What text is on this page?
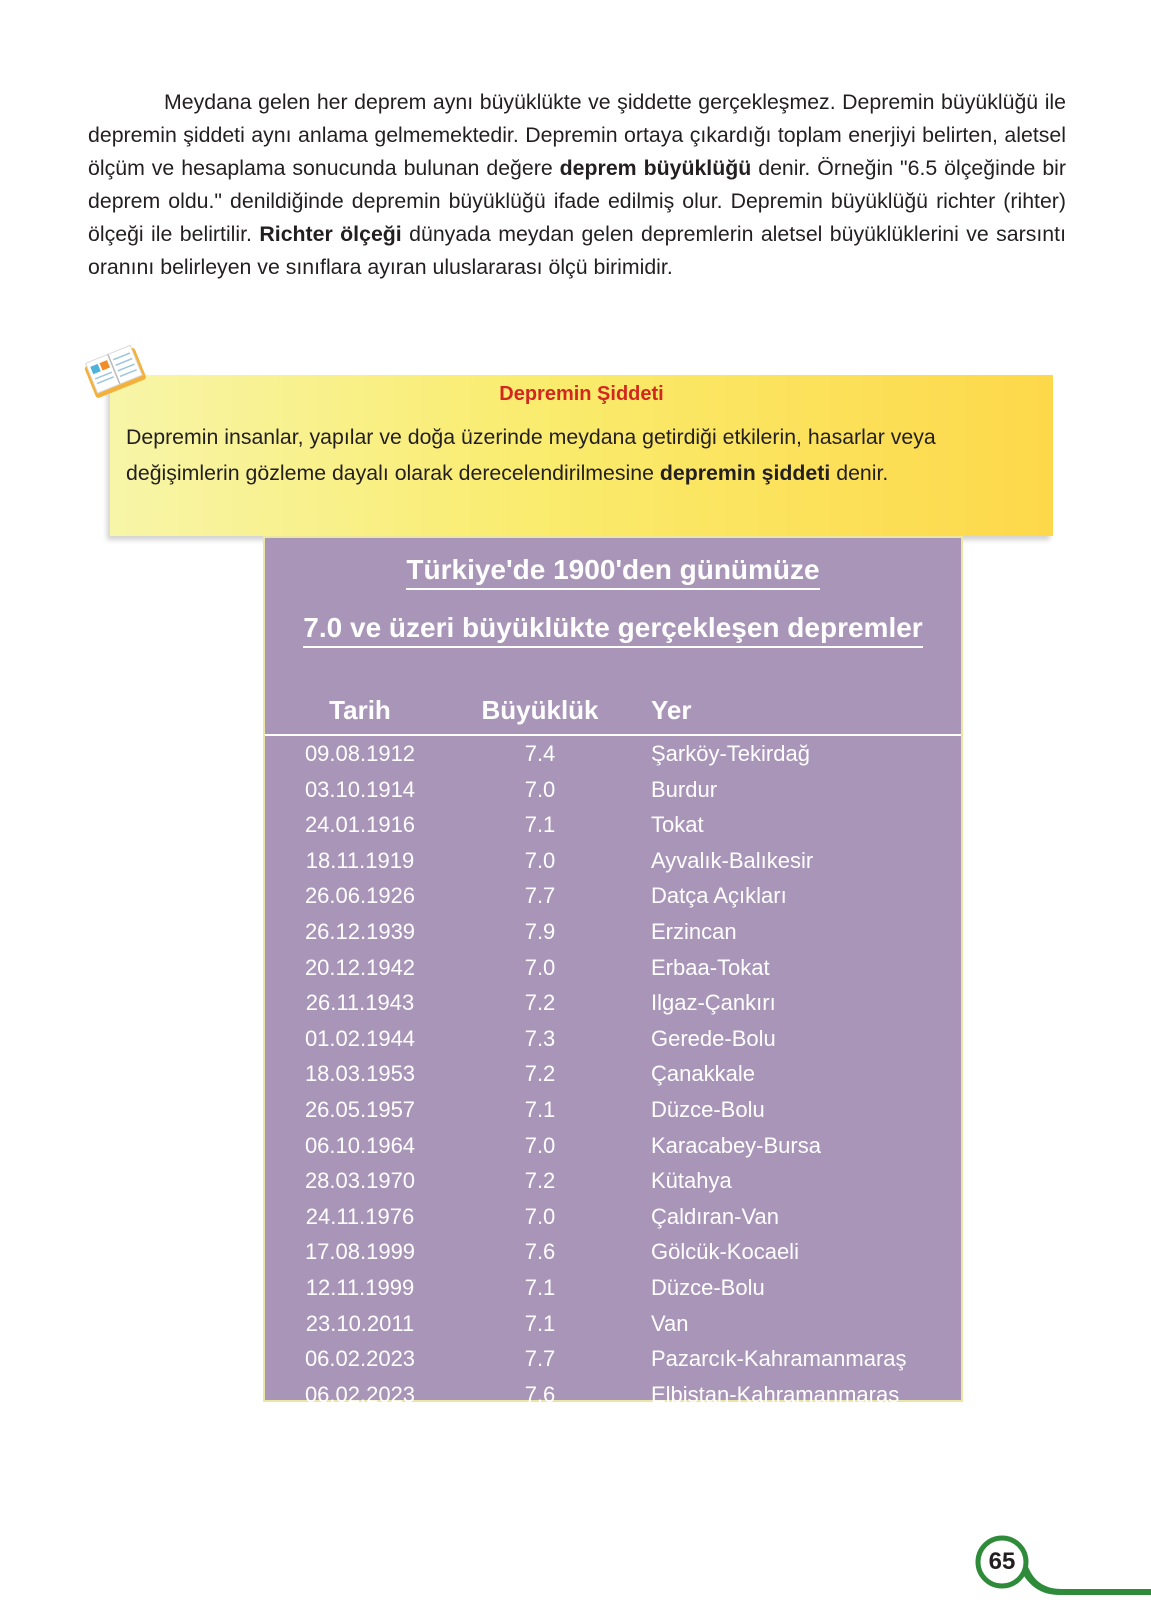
Meydana gelen her deprem aynı büyüklükte ve şiddette gerçekleşmez. Depremin büyüklüğü ile depremin şiddeti aynı anlama gelmemektedir. Depremin ortaya çıkardığı toplam enerjiyi belirten, aletsel ölçüm ve hesaplama sonucunda bulunan değere deprem büyüklüğü denir. Örneğin "6.5 ölçeğinde bir deprem oldu." denildiğinde depremin büyüklüğü ifade edilmiş olur. Depremin büyüklüğü richter (rihter) ölçeği ile belirtilir. Richter ölçeği dünyada meydan gelen depremlerin aletsel büyüklüklerini ve sarsıntı oranını belirleyen ve sınıflara ayıran uluslararası ölçü birimidir.

Depremin Şiddeti

Depremin insanlar, yapılar ve doğa üzerinde meydana getirdiği etkilerin, hasarlar veya değişimlerin gözleme dayalı olarak derecelendirilmesine depremin şiddeti denir.

Türkiye'de 1900'den günümüze
7.0 ve üzeri büyüklükte gerçekleşen depremler
Tarih	Büyüklük	Yer
09.08.1912	7.4	Şarköy-Tekirdağ
03.10.1914	7.0	Burdur
24.01.1916	7.1	Tokat
18.11.1919	7.0	Ayvalık-Balıkesir
26.06.1926	7.7	Datça Açıkları
26.12.1939	7.9	Erzincan
20.12.1942	7.0	Erbaa-Tokat
26.11.1943	7.2	Ilgaz-Çankırı
01.02.1944	7.3	Gerede-Bolu
18.03.1953	7.2	Çanakkale
26.05.1957	7.1	Düzce-Bolu
06.10.1964	7.0	Karacabey-Bursa
28.03.1970	7.2	Kütahya
24.11.1976	7.0	Çaldıran-Van
17.08.1999	7.6	Gölcük-Kocaeli
12.11.1999	7.1	Düzce-Bolu
23.10.2011	7.1	Van
06.02.2023	7.7	Pazarcık-Kahramanmaraş
06.02.2023	7.6	Elbistan-Kahramanmaraş
65
